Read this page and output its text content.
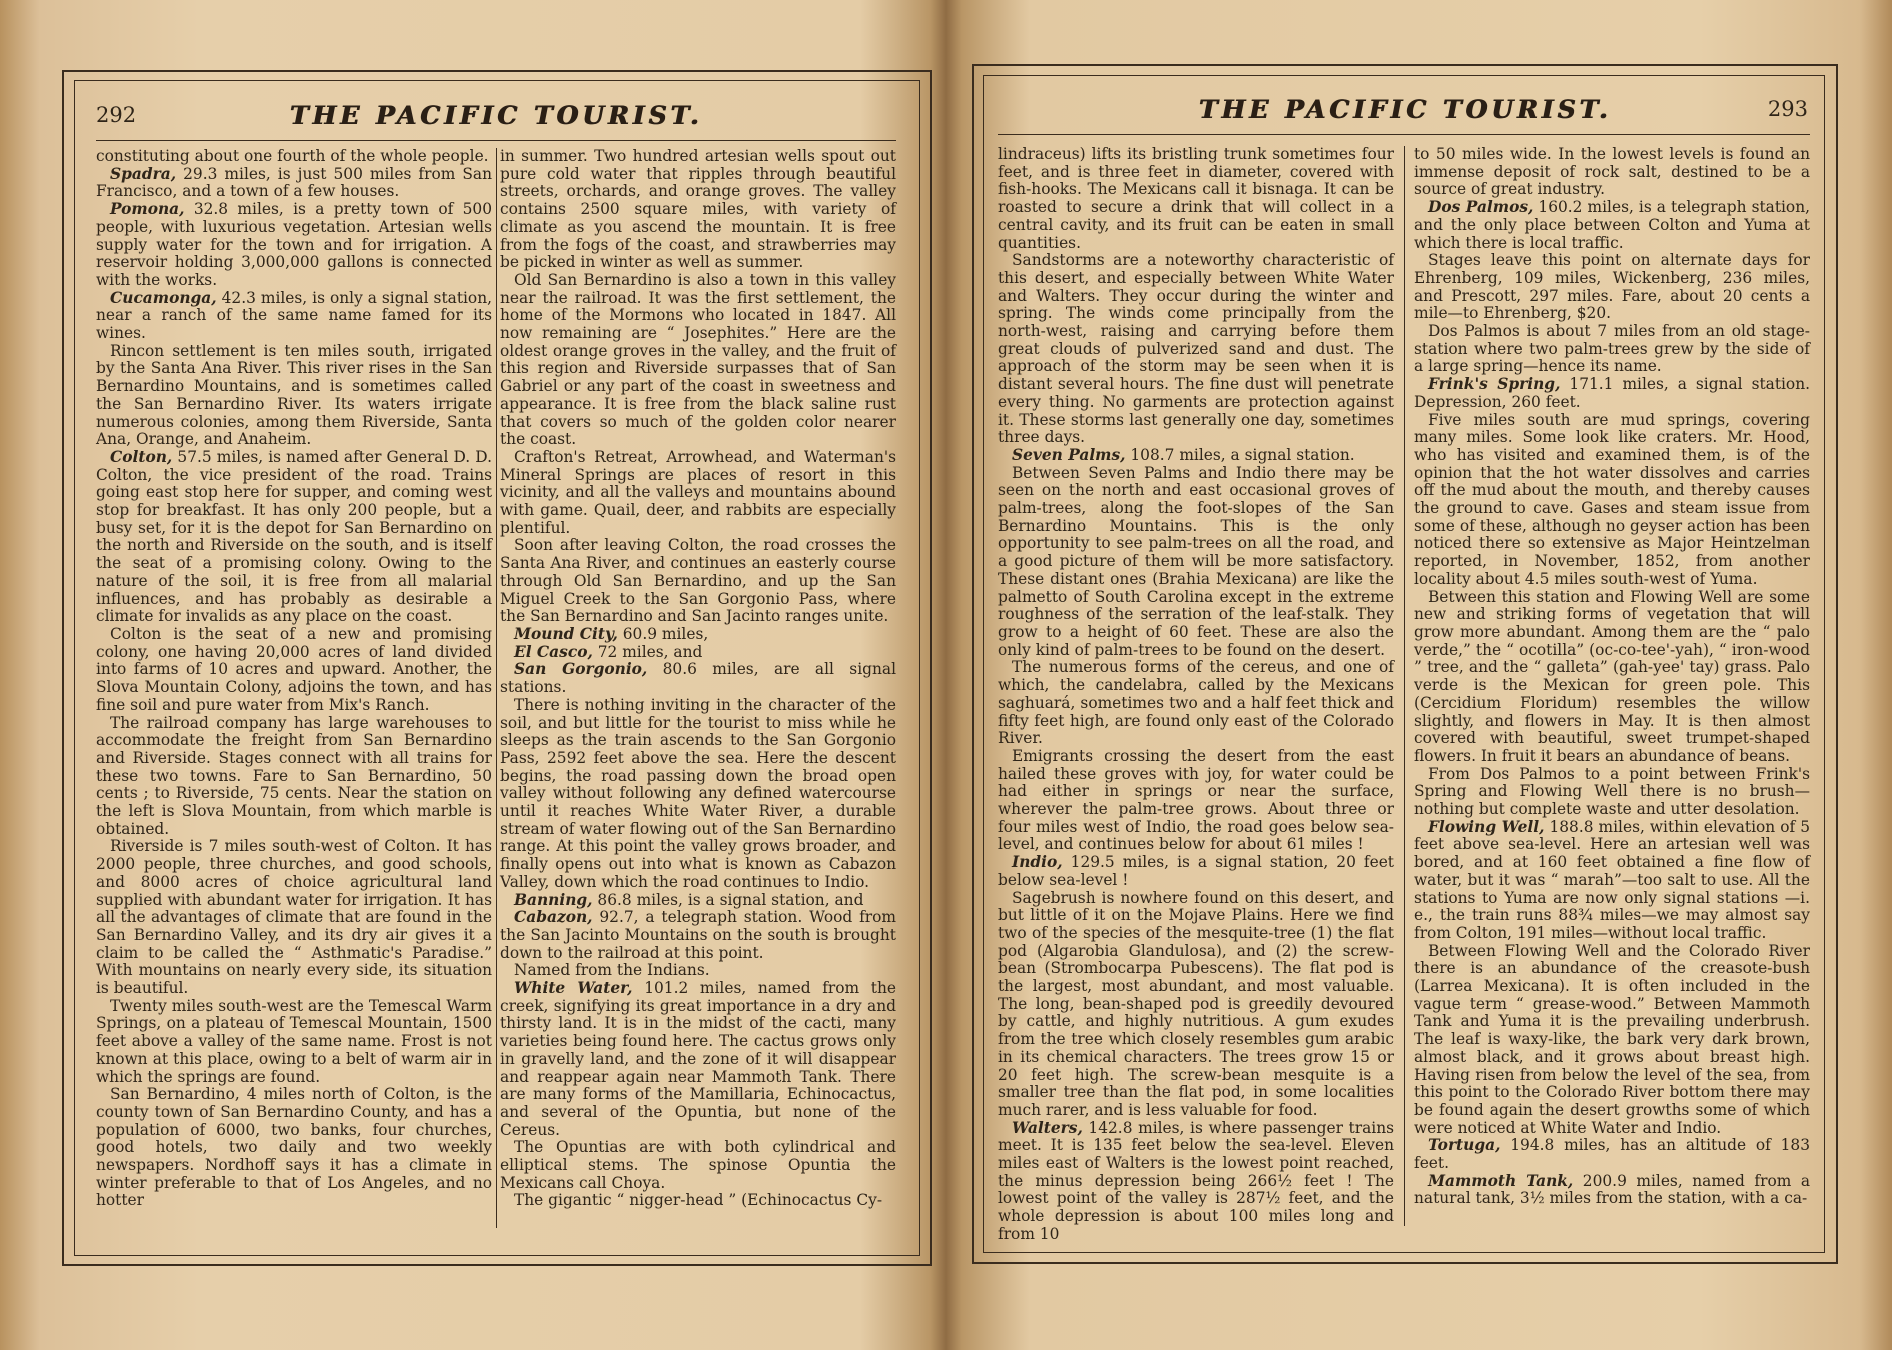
292	THE PACIFIC TOURIST.

constituting about one fourth of the whole people.

Spadra, 29.3 miles, is just 500 miles from San Francisco, and a town of a few houses.

Pomona, 32.8 miles, is a pretty town of 500 people, with luxurious vegetation. Artesian wells supply water for the town and for irrigation. A reservoir holding 3,000,000 gallons is connected with the works.

Cucamonga, 42.3 miles, is only a signal station, near a ranch of the same name famed for its wines.

Rincon settlement is ten miles south, irrigated by the Santa Ana River. This river rises in the San Bernardino Mountains, and is sometimes called the San Bernardino River. Its waters irrigate numerous colonies, among them Riverside, Santa Ana, Orange, and Anaheim.

Colton, 57.5 miles, is named after General D. D. Colton, the vice president of the road. Trains going east stop here for supper, and coming west stop for breakfast. It has only 200 people, but a busy set, for it is the depot for San Bernardino on the north and Riverside on the south, and is itself the seat of a promising colony. Owing to the nature of the soil, it is free from all malarial influences, and has probably as desirable a climate for invalids as any place on the coast.

Colton is the seat of a new and promising colony, one having 20,000 acres of land divided into farms of 10 acres and upward. Another, the Slova Mountain Colony, adjoins the town, and has fine soil and pure water from Mix's Ranch.

The railroad company has large warehouses to accommodate the freight from San Bernardino and Riverside. Stages connect with all trains for these two towns. Fare to San Bernardino, 50 cents ; to Riverside, 75 cents. Near the station on the left is Slova Mountain, from which marble is obtained.

Riverside is 7 miles south-west of Colton. It has 2000 people, three churches, and good schools, and 8000 acres of choice agricultural land supplied with abundant water for irrigation. It has all the advantages of climate that are found in the San Bernardino Valley, and its dry air gives it a claim to be called the “ Asthmatic's Paradise.” With mountains on nearly every side, its situation is beautiful.

Twenty miles south-west are the Temescal Warm Springs, on a plateau of Temescal Mountain, 1500 feet above a valley of the same name. Frost is not known at this place, owing to a belt of warm air in which the springs are found.

San Bernardino, 4 miles north of Colton, is the county town of San Bernardino County, and has a population of 6000, two banks, four churches, good hotels, two daily and two weekly newspapers. Nordhoff says it has a climate in winter preferable to that of Los Angeles, and no hotter

in summer. Two hundred artesian wells spout out pure cold water that ripples through beautiful streets, orchards, and orange groves. The valley contains 2500 square miles, with variety of climate as you ascend the mountain. It is free from the fogs of the coast, and strawberries may be picked in winter as well as summer.

Old San Bernardino is also a town in this valley near the railroad. It was the first settlement, the home of the Mormons who located in 1847. All now remaining are “ Josephites.” Here are the oldest orange groves in the valley, and the fruit of this region and Riverside surpasses that of San Gabriel or any part of the coast in sweetness and appearance. It is free from the black saline rust that covers so much of the golden color nearer the coast.

Crafton's Retreat, Arrowhead, and Waterman's Mineral Springs are places of resort in this vicinity, and all the valleys and mountains abound with game. Quail, deer, and rabbits are especially plentiful.

Soon after leaving Colton, the road crosses the Santa Ana River, and continues an easterly course through Old San Bernardino, and up the San Miguel Creek to the San Gorgonio Pass, where the San Bernardino and San Jacinto ranges unite.

Mound City, 60.9 miles,

El Casco, 72 miles, and

San Gorgonio, 80.6 miles, are all signal stations.

There is nothing inviting in the character of the soil, and but little for the tourist to miss while he sleeps as the train ascends to the San Gorgonio Pass, 2592 feet above the sea. Here the descent begins, the road passing down the broad open valley without following any defined watercourse until it reaches White Water River, a durable stream of water flowing out of the San Bernardino range. At this point the valley grows broader, and finally opens out into what is known as Cabazon Valley, down which the road continues to Indio.

Banning, 86.8 miles, is a signal station, and

Cabazon, 92.7, a telegraph station. Wood from the San Jacinto Mountains on the south is brought down to the railroad at this point.

Named from the Indians.

White Water, 101.2 miles, named from the creek, signifying its great importance in a dry and thirsty land. It is in the midst of the cacti, many varieties being found here. The cactus grows only in gravelly land, and the zone of it will disappear and reappear again near Mammoth Tank. There are many forms of the Mamillaria, Echinocactus, and several of the Opuntia, but none of the Cereus.

The Opuntias are with both cylindrical and elliptical stems. The spinose Opuntia the Mexicans call Choya.

The gigantic “ nigger-head ” (Echinocactus Cy-

THE PACIFIC TOURIST.	293

lindraceus) lifts its bristling trunk sometimes four feet, and is three feet in diameter, covered with fish-hooks. The Mexicans call it bisnaga. It can be roasted to secure a drink that will collect in a central cavity, and its fruit can be eaten in small quantities.

Sandstorms are a noteworthy characteristic of this desert, and especially between White Water and Walters. They occur during the winter and spring. The winds come principally from the north-west, raising and carrying before them great clouds of pulverized sand and dust. The approach of the storm may be seen when it is distant several hours. The fine dust will penetrate every thing. No garments are protection against it. These storms last generally one day, sometimes three days.

Seven Palms, 108.7 miles, a signal station.

Between Seven Palms and Indio there may be seen on the north and east occasional groves of palm-trees, along the foot-slopes of the San Bernardino Mountains. This is the only opportunity to see palm-trees on all the road, and a good picture of them will be more satisfactory. These distant ones (Brahia Mexicana) are like the palmetto of South Carolina except in the extreme roughness of the serration of the leaf-stalk. They grow to a height of 60 feet. These are also the only kind of palm-trees to be found on the desert.

The numerous forms of the cereus, and one of which, the candelabra, called by the Mexicans saghuará, sometimes two and a half feet thick and fifty feet high, are found only east of the Colorado River.

Emigrants crossing the desert from the east hailed these groves with joy, for water could be had either in springs or near the surface, wherever the palm-tree grows. About three or four miles west of Indio, the road goes below sea-level, and continues below for about 61 miles !

Indio, 129.5 miles, is a signal station, 20 feet below sea-level !

Sagebrush is nowhere found on this desert, and but little of it on the Mojave Plains. Here we find two of the species of the mesquite-tree (1) the flat pod (Algarobia Glandulosa), and (2) the screw-bean (Strombocarpa Pubescens). The flat pod is the largest, most abundant, and most valuable. The long, bean-shaped pod is greedily devoured by cattle, and highly nutritious. A gum exudes from the tree which closely resembles gum arabic in its chemical characters. The trees grow 15 or 20 feet high. The screw-bean mesquite is a smaller tree than the flat pod, in some localities much rarer, and is less valuable for food.

Walters, 142.8 miles, is where passenger trains meet. It is 135 feet below the sea-level. Eleven miles east of Walters is the lowest point reached, the minus depression being 266½ feet ! The lowest point of the valley is 287½ feet, and the whole depression is about 100 miles long and from 10

to 50 miles wide. In the lowest levels is found an immense deposit of rock salt, destined to be a source of great industry.

Dos Palmos, 160.2 miles, is a telegraph station, and the only place between Colton and Yuma at which there is local traffic.

Stages leave this point on alternate days for Ehrenberg, 109 miles, Wickenberg, 236 miles, and Prescott, 297 miles. Fare, about 20 cents a mile—to Ehrenberg, $20.

Dos Palmos is about 7 miles from an old stage-station where two palm-trees grew by the side of a large spring—hence its name.

Frink's Spring, 171.1 miles, a signal station. Depression, 260 feet.

Five miles south are mud springs, covering many miles. Some look like craters. Mr. Hood, who has visited and examined them, is of the opinion that the hot water dissolves and carries off the mud about the mouth, and thereby causes the ground to cave. Gases and steam issue from some of these, although no geyser action has been noticed there so extensive as Major Heintzelman reported, in November, 1852, from another locality about 4.5 miles south-west of Yuma.

Between this station and Flowing Well are some new and striking forms of vegetation that will grow more abundant. Among them are the “ palo verde,” the “ ocotilla” (oc-co-tee'-yah), “ iron-wood ” tree, and the “ galleta” (gah-yee' tay) grass. Palo verde is the Mexican for green pole. This (Cercidium Floridum) resembles the willow slightly, and flowers in May. It is then almost covered with beautiful, sweet trumpet-shaped flowers. In fruit it bears an abundance of beans.

From Dos Palmos to a point between Frink's Spring and Flowing Well there is no brush—nothing but complete waste and utter desolation.

Flowing Well, 188.8 miles, within elevation of 5 feet above sea-level. Here an artesian well was bored, and at 160 feet obtained a fine flow of water, but it was “ marah”—too salt to use. All the stations to Yuma are now only signal stations —i. e., the train runs 88¾ miles—we may almost say from Colton, 191 miles—without local traffic.

Between Flowing Well and the Colorado River there is an abundance of the creasote-bush (Larrea Mexicana). It is often included in the vague term “ grease-wood.” Between Mammoth Tank and Yuma it is the prevailing underbrush. The leaf is waxy-like, the bark very dark brown, almost black, and it grows about breast high. Having risen from below the level of the sea, from this point to the Colorado River bottom there may be found again the desert growths some of which were noticed at White Water and Indio.

Tortuga, 194.8 miles, has an altitude of 183 feet.

Mammoth Tank, 200.9 miles, named from a natural tank, 3½ miles from the station, with a ca-
